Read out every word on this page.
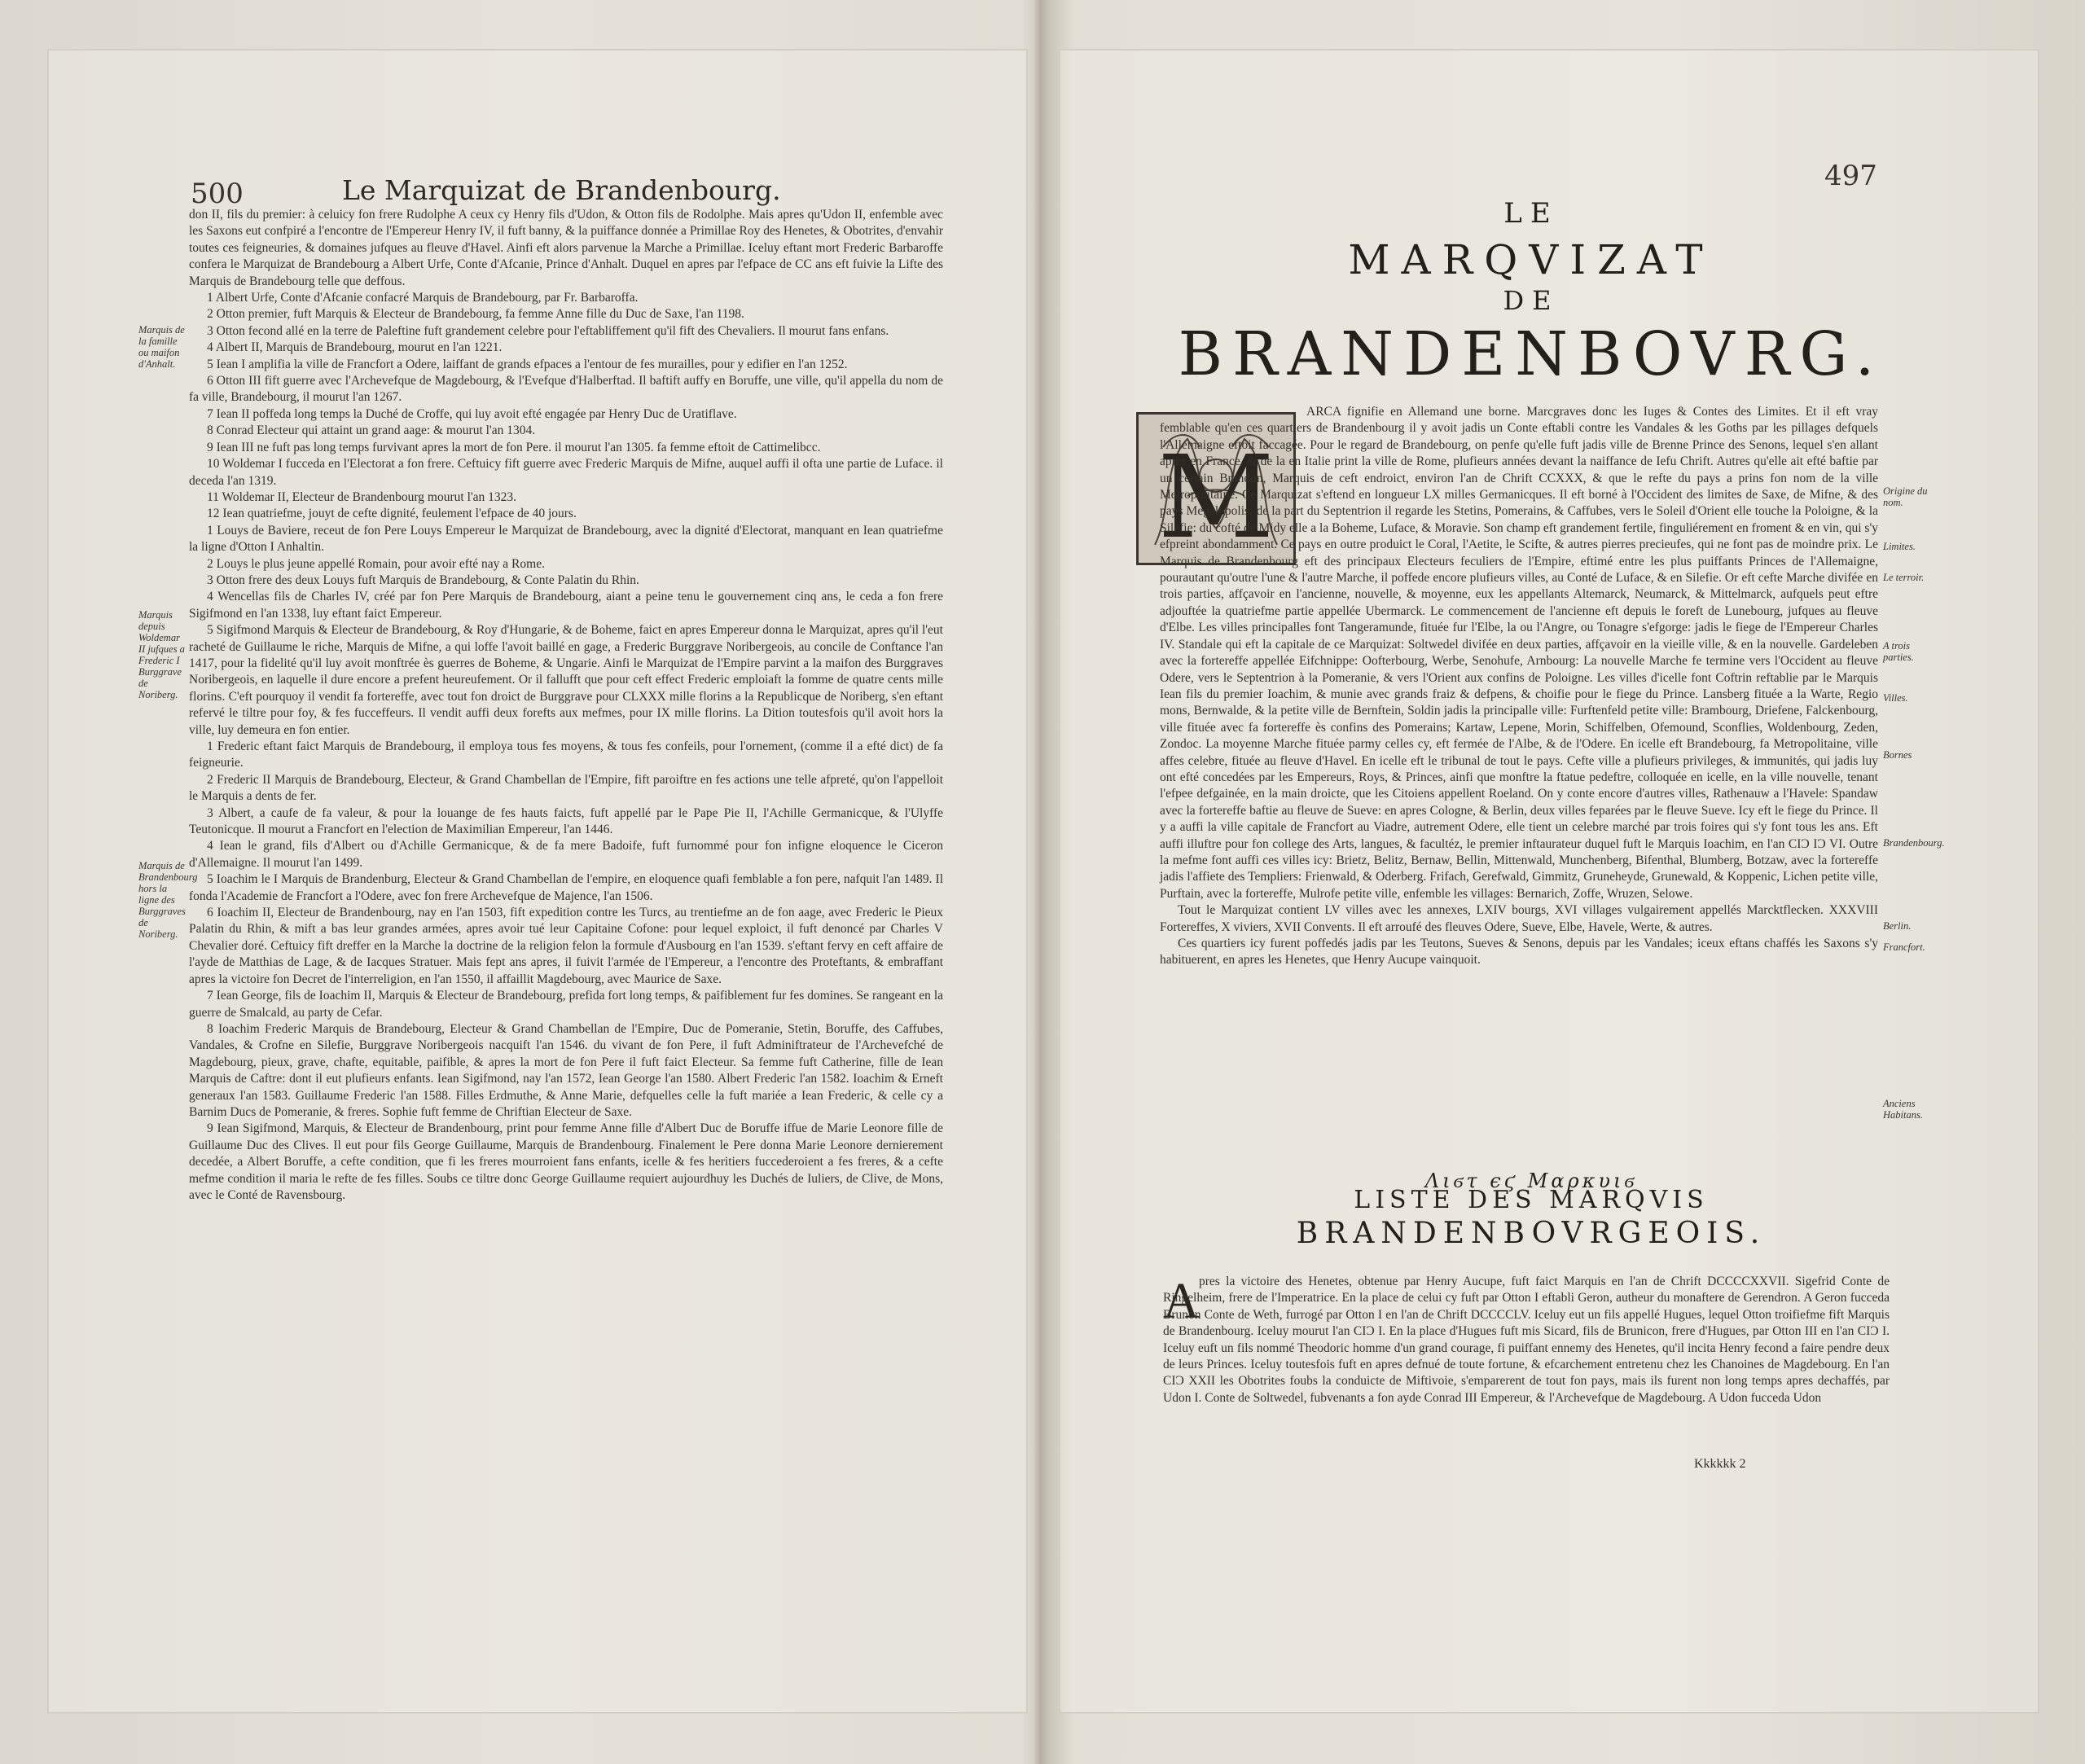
500	Le Marquizat de Brandenbourg.

don II, fils du premier: à celuicy fon frere Rudolphe A ceux cy Henry fils d'Udon, & Otton fils de Rodolphe. Mais apres qu'Udon II, enfemble avec les Saxons eut confpiré a l'encontre de l'Empereur Henry IV, il fuft banny, & la puiffance donnée a Primillae Roy des Henetes, & Obotrites, d'envahir toutes ces feigneuries, & domaines jufques au fleuve d'Havel. Ainfi eft alors parvenue la Marche a Primillae. Iceluy eftant mort Frederic Barbaroffe confera le Marquizat de Brandebourg a Albert Urfe, Conte d'Afcanie, Prince d'Anhalt. Duquel en apres par l'efpace de CC ans eft fuivie la Lifte des Marquis de Brandebourg telle que deffous.

1 Albert Urfe, Conte d'Afcanie confacré Marquis de Brandebourg, par Fr. Barbaroffa.

2 Otton premier, fuft Marquis & Electeur de Brandebourg, fa femme Anne fille du Duc de Saxe, l'an 1198.

3 Otton fecond allé en la terre de Paleftine fuft grandement celebre pour l'eftabliffement qu'il fift des Chevaliers. Il mourut fans enfans.

4 Albert II, Marquis de Brandebourg, mourut en l'an 1221.

5 Iean I amplifia la ville de Francfort a Odere, laiffant de grands efpaces a l'entour de fes murailles, pour y edifier en l'an 1252.

6 Otton III fift guerre avec l'Archevefque de Magdebourg, & l'Evefque d'Halberftad. Il baftift auffy en Boruffe, une ville, qu'il appella du nom de fa ville, Brandebourg, il mourut l'an 1267.

7 Iean II poffeda long temps la Duché de Croffe, qui luy avoit efté engagée par Henry Duc de Uratiflave.

8 Conrad Electeur qui attaint un grand aage: & mourut l'an 1304.

9 Iean III ne fuft pas long temps furvivant apres la mort de fon Pere. il mourut l'an 1305. fa femme eftoit de Cattimelibcc.

10 Woldemar I fucceda en l'Electorat a fon frere. Ceftuicy fift guerre avec Frederic Marquis de Mifne, auquel auffi il ofta une partie de Luface. il deceda l'an 1319.

11 Woldemar II, Electeur de Brandenbourg mourut l'an 1323.

12 Iean quatriefme, jouyt de cefte dignité, feulement l'efpace de 40 jours.

1 Louys de Baviere, receut de fon Pere Louys Empereur le Marquizat de Brandebourg, avec la dignité d'Electorat, manquant en Iean quatriefme la ligne d'Otton I Anhaltin.

2 Louys le plus jeune appellé Romain, pour avoir efté nay a Rome.

3 Otton frere des deux Louys fuft Marquis de Brandebourg, & Conte Palatin du Rhin.

4 Wencellas fils de Charles IV, créé par fon Pere Marquis de Brandebourg, aiant a peine tenu le gouvernement cinq ans, le ceda a fon frere Sigifmond en l'an 1338, luy eftant faict Empereur.

5 Sigifmond Marquis & Electeur de Brandebourg, & Roy d'Hungarie, & de Boheme, faict en apres Empereur donna le Marquizat, apres qu'il l'eut racheté de Guillaume le riche, Marquis de Mifne, a qui loffe l'avoit baillé en gage, a Frederic Burggrave Noribergeois, au concile de Conftance l'an 1417, pour la fidelité qu'il luy avoit monftrée ès guerres de Boheme, & Ungarie. Ainfi le Marquizat de l'Empire parvint a la maifon des Burggraves Noribergeois, en laquelle il dure encore a prefent heureufement. Or il fallufft que pour ceft effect Frederic emploiaft la fomme de quatre cents mille florins. C'eft pourquoy il vendit fa fortereffe, avec tout fon droict de Burggrave pour CLXXX mille florins a la Republicque de Noriberg, s'en eftant refervé le tiltre pour foy, & fes fucceffeurs. Il vendit auffi deux forefts aux mefmes, pour IX mille florins. La Dition toutesfois qu'il avoit hors la ville, luy demeura en fon entier.

1 Frederic eftant faict Marquis de Brandebourg, il employa tous fes moyens, & tous fes confeils, pour l'ornement, (comme il a efté dict) de fa feigneurie.

2 Frederic II Marquis de Brandebourg, Electeur, & Grand Chambellan de l'Empire, fift paroiftre en fes actions une telle afpreté, qu'on l'appelloit le Marquis a dents de fer.

3 Albert, a caufe de fa valeur, & pour la louange de fes hauts faicts, fuft appellé par le Pape Pie II, l'Achille Germanicque, & l'Ulyffe Teutonicque. Il mourut a Francfort en l'election de Maximilian Empereur, l'an 1446.

4 Iean le grand, fils d'Albert ou d'Achille Germanicque, & de fa mere Badoife, fuft furnommé pour fon infigne eloquence le Ciceron d'Allemaigne. Il mourut l'an 1499.

5 Ioachim le I Marquis de Brandenburg, Electeur & Grand Chambellan de l'empire, en eloquence quafi femblable a fon pere, nafquit l'an 1489. Il fonda l'Academie de Francfort a l'Odere, avec fon frere Archevefque de Majence, l'an 1506.

6 Ioachim II, Electeur de Brandenbourg, nay en l'an 1503, fift expedition contre les Turcs, au trentiefme an de fon aage, avec Frederic le Pieux Palatin du Rhin, & mift a bas leur grandes armées, apres avoir tué leur Capitaine Cofone: pour lequel exploict, il fuft denoncé par Charles V Chevalier doré. Ceftuicy fift dreffer en la Marche la doctrine de la religion felon la formule d'Ausbourg en l'an 1539. s'eftant fervy en ceft affaire de l'ayde de Matthias de Lage, & de Iacques Stratuer. Mais fept ans apres, il fuivit l'armée de l'Empereur, a l'encontre des Proteftants, & embraffant apres la victoire fon Decret de l'interreligion, en l'an 1550, il affaillit Magdebourg, avec Maurice de Saxe.

7 Iean George, fils de Ioachim II, Marquis & Electeur de Brandebourg, prefida fort long temps, & paifiblement fur fes domines. Se rangeant en la guerre de Smalcald, au party de Cefar.

8 Ioachim Frederic Marquis de Brandebourg, Electeur & Grand Chambellan de l'Empire, Duc de Pomeranie, Stetin, Boruffe, des Caffubes, Vandales, & Crofne en Silefie, Burggrave Noribergeois nacquift l'an 1546. du vivant de fon Pere, il fuft Adminiftrateur de l'Archevefché de Magdebourg, pieux, grave, chafte, equitable, paifible, & apres la mort de fon Pere il fuft faict Electeur. Sa femme fuft Catherine, fille de Iean Marquis de Caftre: dont il eut plufieurs enfants. Iean Sigifmond, nay l'an 1572, Iean George l'an 1580. Albert Frederic l'an 1582. Ioachim & Erneft generaux l'an 1583. Guillaume Frederic l'an 1588. Filles Erdmuthe, & Anne Marie, defquelles celle la fuft mariée a Iean Frederic, & celle cy a Barnim Ducs de Pomeranie, & freres. Sophie fuft femme de Chriftian Electeur de Saxe.

9 Iean Sigifmond, Marquis, & Electeur de Brandenbourg, print pour femme Anne fille d'Albert Duc de Boruffe iffue de Marie Leonore fille de Guillaume Duc des Clives. Il eut pour fils George Guillaume, Marquis de Brandenbourg. Finalement le Pere donna Marie Leonore dernierement decedée, a Albert Boruffe, a cefte condition, que fi les freres mourroient fans enfants, icelle & fes heritiers fuccederoient a fes freres, & a cefte mefme condition il maria le refte de fes filles. Soubs ce tiltre donc George Guillaume requiert aujourdhuy les Duchés de Iuliers, de Clive, de Mons, avec le Conté de Ravensbourg.

Marquis de la famille ou maifon d'Anhalt.
Marquis depuis Woldemar II jufques a Frederic I Burggrave de Noriberg.
Marquis de Brandenbourg hors la ligne des Burggraves de Noriberg.
497
LE
MARQVIZAT
DE
BRANDENBOVRG.
M

ARCA fignifie en Allemand une borne. Marcgraves donc les Iuges & Contes des Limites. Et il eft vray femblable qu'en ces quartiers de Brandenbourg il y avoit jadis un Conte eftabli contre les Vandales & les Goths par les pillages defquels l'Allemaigne eftoit faccagée. Pour le regard de Brandebourg, on penfe qu'elle fuft jadis ville de Brenne Prince des Senons, lequel s'en allant apres en France, & de la en Italie print la ville de Rome, plufieurs années devant la naiffance de Iefu Chrift. Autres qu'elle ait efté baftie par un certain Brandon, Marquis de ceft endroict, environ l'an de Chrift CCXXX, & que le refte du pays a prins fon nom de la ville Metropolitaine. Ce Marquizat s'eftend en longueur LX milles Germanicques. Il eft borné à l'Occident des limites de Saxe, de Mifne, & des pays Megalopolis; de la part du Septentrion il regarde les Stetins, Pomerains, & Caffubes, vers le Soleil d'Orient elle touche la Poloigne, & la Silefie: du cofté de Midy elle a la Boheme, Luface, & Moravie. Son champ eft grandement fertile, finguliérement en froment & en vin, qui s'y efpreint abondamment. Ce pays en outre produict le Coral, l'Aetite, le Scifte, & autres pierres precieufes, qui ne font pas de moindre prix. Le Marquis de Brandenbourg eft des principaux Electeurs feculiers de l'Empire, eftimé entre les plus puiffants Princes de l'Allemaigne, pourautant qu'outre l'une & l'autre Marche, il poffede encore plufieurs villes, au Conté de Luface, & en Silefie. Or eft cefte Marche divifée en trois parties, affçavoir en l'ancienne, nouvelle, & moyenne, eux les appellants Altemarck, Neumarck, & Mittelmarck, aufquels peut eftre adjouftée la quatriefme partie appellée Ubermarck. Le commencement de l'ancienne eft depuis le foreft de Lunebourg, jufques au fleuve d'Elbe. Les villes principalles font Tangeramunde, fituée fur l'Elbe, la ou l'Angre, ou Tonagre s'efgorge: jadis le fiege de l'Empereur Charles IV. Standale qui eft la capitale de ce Marquizat: Soltwedel divifée en deux parties, affçavoir en la vieille ville, & en la nouvelle. Gardeleben avec la fortereffe appellée Eifchnippe: Oofterbourg, Werbe, Senohufe, Arnbourg: La nouvelle Marche fe termine vers l'Occident au fleuve Odere, vers le Septentrion à la Pomeranie, & vers l'Orient aux confins de Poloigne. Les villes d'icelle font Coftrin reftablie par le Marquis Iean fils du premier Ioachim, & munie avec grands fraiz & defpens, & choifie pour le fiege du Prince. Lansberg fituée a la Warte, Regio mons, Bernwalde, & la petite ville de Bernftein, Soldin jadis la principalle ville: Furftenfeld petite ville: Brambourg, Driefene, Falckenbourg, ville fituée avec fa fortereffe ès confins des Pomerains; Kartaw, Lepene, Morin, Schiffelben, Ofemound, Sconflies, Woldenbourg, Zeden, Zondoc. La moyenne Marche fituée parmy celles cy, eft fermée de l'Albe, & de l'Odere. En icelle eft Brandebourg, fa Metropolitaine, ville affes celebre, fituée au fleuve d'Havel. En icelle eft le tribunal de tout le pays. Cefte ville a plufieurs privileges, & immunités, qui jadis luy ont efté concedées par les Empereurs, Roys, & Princes, ainfi que monftre la ftatue pedeftre, colloquée en icelle, en la ville nouvelle, tenant l'efpee defgainée, en la main droicte, que les Citoiens appellent Roeland. On y conte encore d'autres villes, Rathenauw a l'Havele: Spandaw avec la fortereffe baftie au fleuve de Sueve: en apres Cologne, & Berlin, deux villes feparées par le fleuve Sueve. Icy eft le fiege du Prince. Il y a auffi la ville capitale de Francfort au Viadre, autrement Odere, elle tient un celebre marché par trois foires qui s'y font tous les ans. Eft auffi illuftre pour fon college des Arts, langues, & facultéz, le premier inftaurateur duquel fuft le Marquis Ioachim, en l'an CIƆ IƆ VI. Outre la mefme font auffi ces villes icy: Brietz, Belitz, Bernaw, Bellin, Mittenwald, Munchenberg, Bifenthal, Blumberg, Botzaw, avec la fortereffe jadis l'affiete des Templiers: Frienwald, & Oderberg. Frifach, Gerefwald, Gimmitz, Gruneheyde, Grunewald, & Koppenic, Lichen petite ville, Purftain, avec la fortereffe, Mulrofe petite ville, enfemble les villages: Bernarich, Zoffe, Wruzen, Selowe.

Tout le Marquizat contient LV villes avec les annexes, LXIV bourgs, XVI villages vulgairement appellés Marcktflecken. XXXVIII Fortereffes, X viviers, XVII Convents. Il eft arroufé des fleuves Odere, Sueve, Elbe, Havele, Werte, & autres.

Ces quartiers icy furent poffedés jadis par les Teutons, Sueves & Senons, depuis par les Vandales; iceux eftans chaffés les Saxons s'y habituerent, en apres les Henetes, que Henry Aucupe vainquoit.

Origine du nom.
Limites.
Le terroir.
A trois parties.
Villes.
Bornes
Brandenbourg.
Berlin.
Francfort.
Anciens Habitans.
Λιϭτ ϵϛ Μαρκυιϭ
LISTE DES MARQVIS
BRANDENBOVRGEOIS.
A pres la victoire des Henetes, obtenue par Henry Aucupe, fuft faict Marquis en l'an de Chrift DCCCCXXVII. Sigefrid Conte de Ringelheim, frere de l'Imperatrice. En la place de celui cy fuft par Otton I eftabli Geron, autheur du monaftere de Gerendron. A Geron fucceda Brunon Conte de Weth, furrogé par Otton I en l'an de Chrift DCCCCLV. Iceluy eut un fils appellé Hugues, lequel Otton troifiefme fift Marquis de Brandenbourg. Iceluy mourut l'an CIƆ I. En la place d'Hugues fuft mis Sicard, fils de Brunicon, frere d'Hugues, par Otton III en l'an CIƆ I. Iceluy euft un fils nommé Theodoric homme d'un grand courage, fi puiffant ennemy des Henetes, qu'il incita Henry fecond a faire pendre deux de leurs Princes. Iceluy toutesfois fuft en apres defnué de toute fortune, & efcarchement entretenu chez les Chanoines de Magdebourg. En l'an CIƆ XXII les Obotrites foubs la conduicte de Miftivoie, s'emparerent de tout fon pays, mais ils furent non long temps apres dechaffés, par Udon I. Conte de Soltwedel, fubvenants a fon ayde Conrad III Empereur, & l'Archevefque de Magdebourg. A Udon fucceda Udon
Kkkkkk 2
